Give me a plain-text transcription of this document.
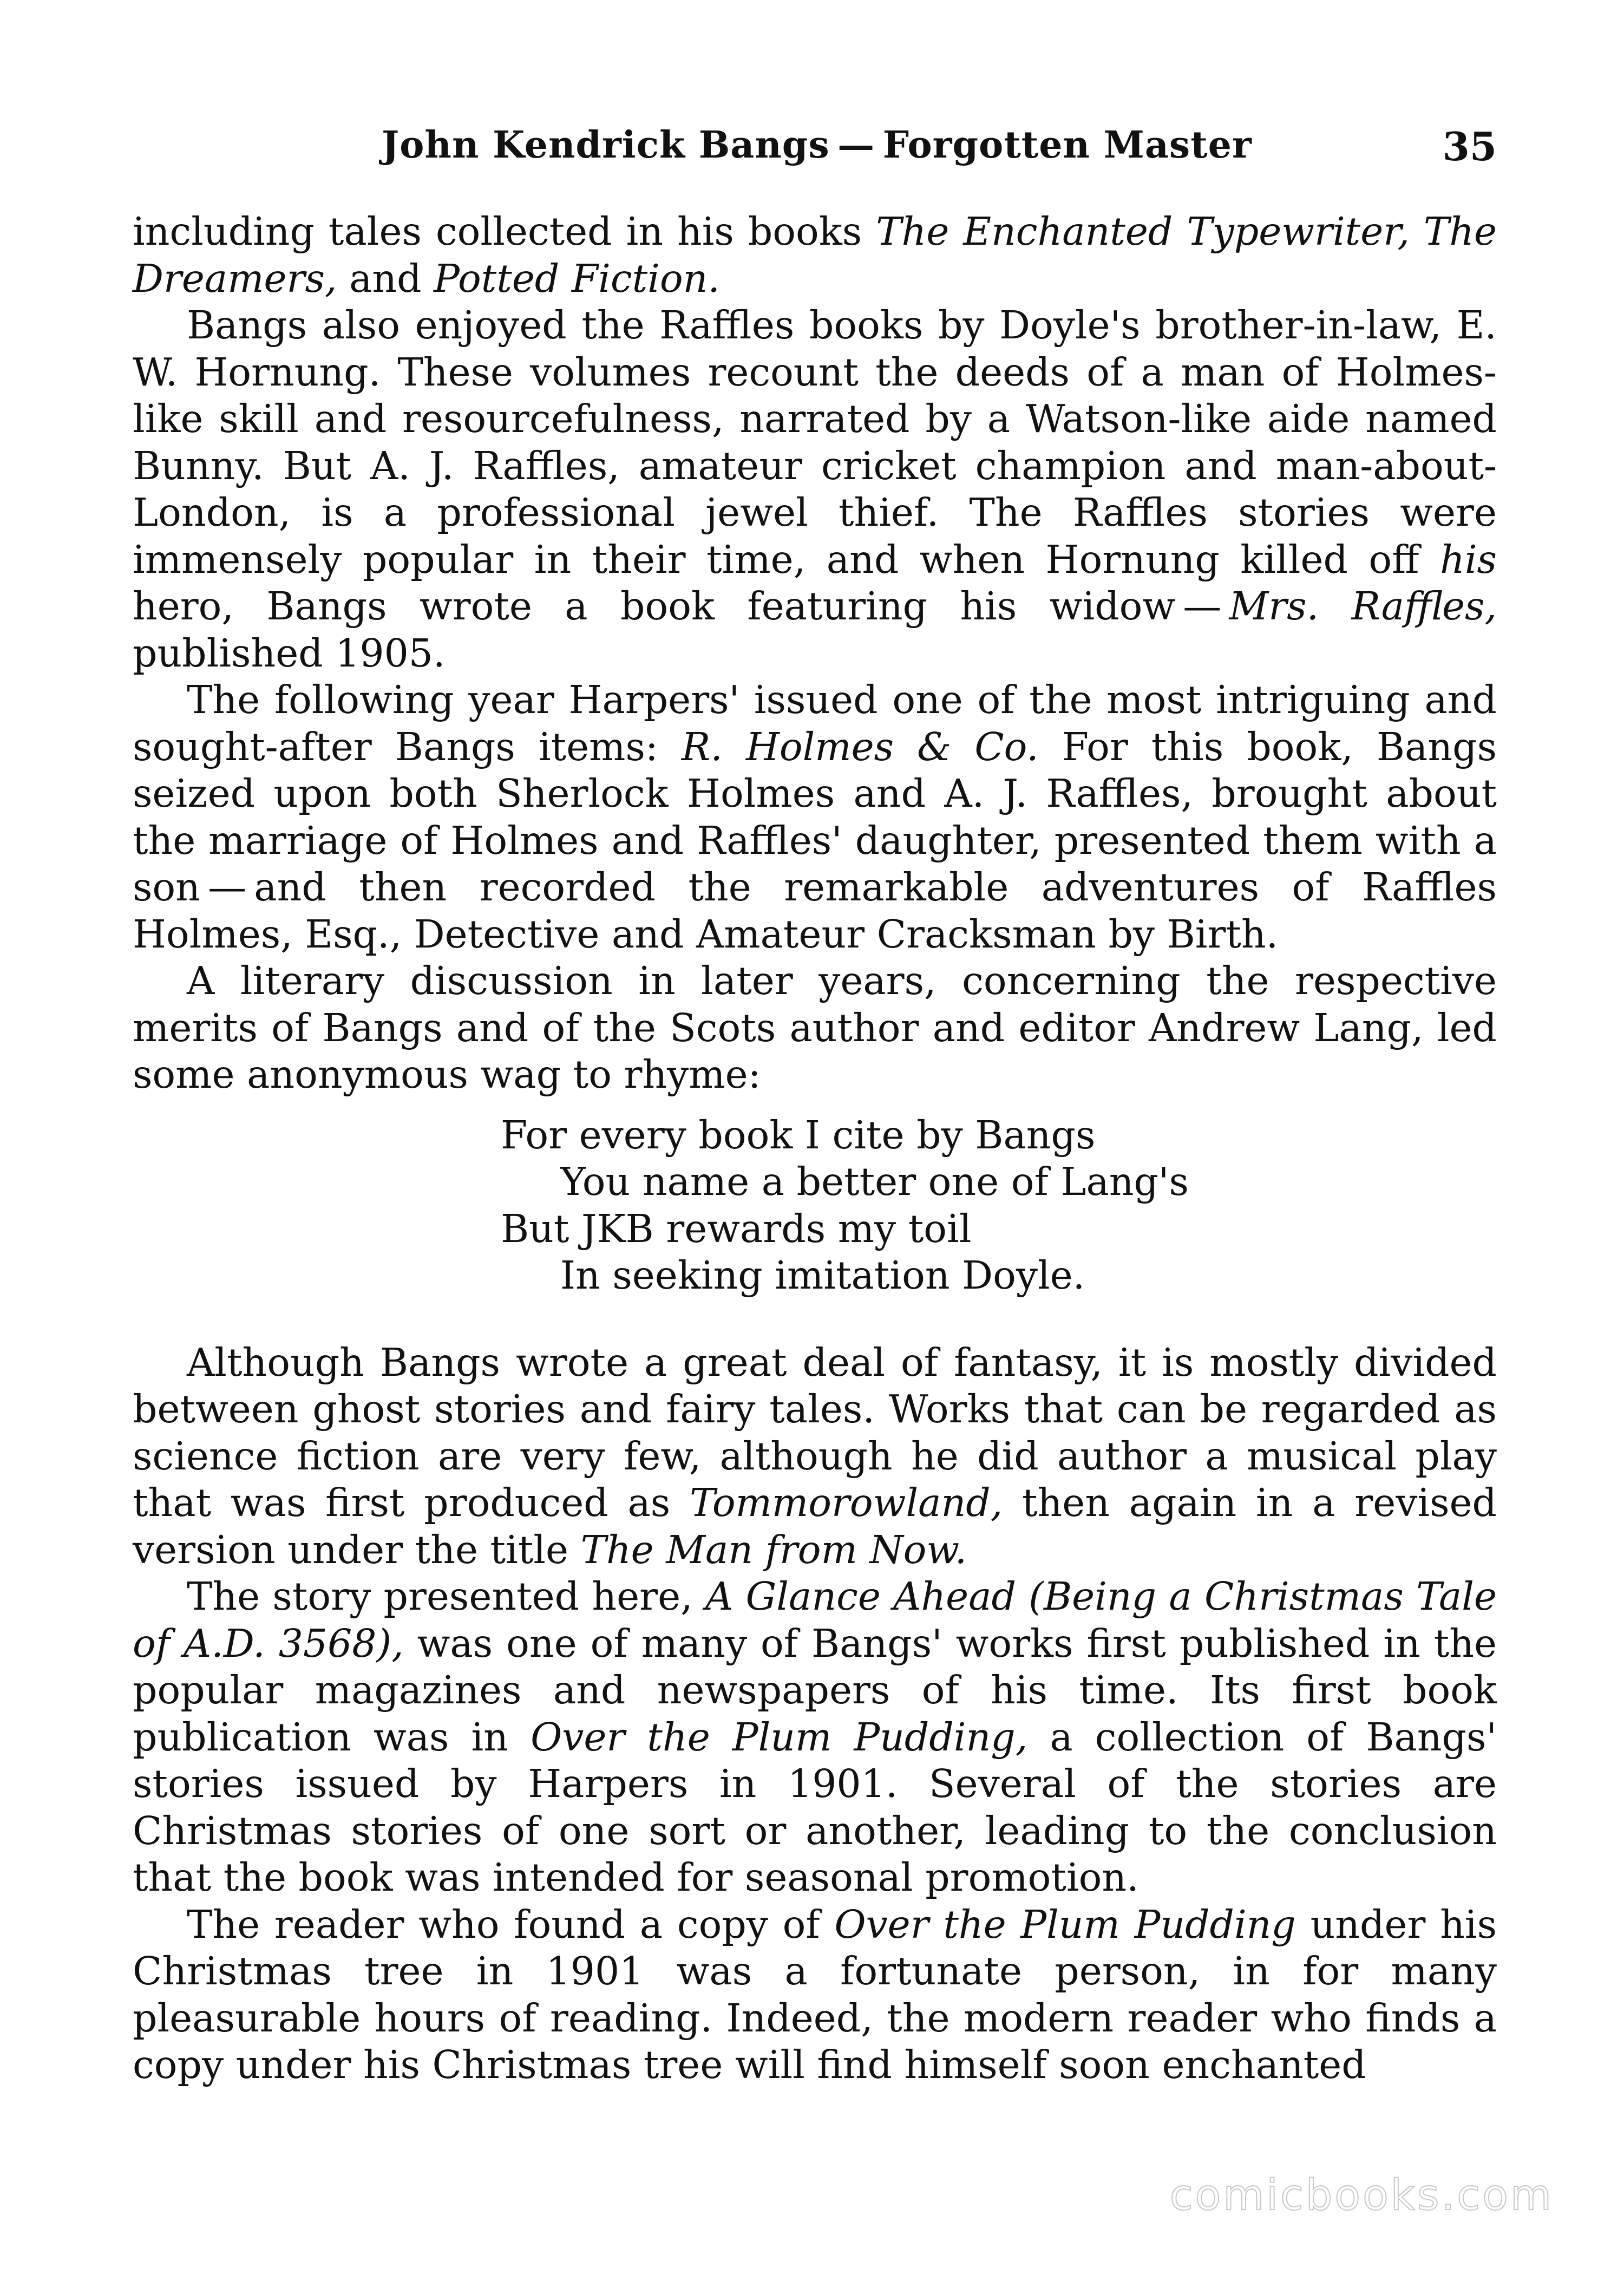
John Kendrick Bangs — Forgotten Master	35

including tales collected in his books The Enchanted Typewriter, The Dreamers, and Potted Fiction.

Bangs also enjoyed the Raffles books by Doyle's brother-in-law, E. W. Hornung. These volumes recount the deeds of a man of Holmes-like skill and resourcefulness, narrated by a Watson-like aide named Bunny. But A. J. Raffles, amateur cricket champion and man-about-London, is a professional jewel thief. The Raffles stories were immensely popular in their time, and when Hornung killed off his hero, Bangs wrote a book featuring his widow — Mrs. Raffles, published 1905.

The following year Harpers' issued one of the most intriguing and sought-after Bangs items: R. Holmes & Co. For this book, Bangs seized upon both Sherlock Holmes and A. J. Raffles, brought about the marriage of Holmes and Raffles' daughter, presented them with a son — and then recorded the remarkable adventures of Raffles Holmes, Esq., Detective and Amateur Cracksman by Birth.

A literary discussion in later years, concerning the respective merits of Bangs and of the Scots author and editor Andrew Lang, led some anonymous wag to rhyme:

For every book I cite by Bangs

You name a better one of Lang's

But JKB rewards my toil

In seeking imitation Doyle.

Although Bangs wrote a great deal of fantasy, it is mostly divided between ghost stories and fairy tales. Works that can be regarded as science fiction are very few, although he did author a musical play that was first produced as Tommorowland, then again in a revised version under the title The Man from Now.

The story presented here, A Glance Ahead (Being a Christmas Tale of A.D. 3568), was one of many of Bangs' works first published in the popular magazines and newspapers of his time. Its first book publication was in Over the Plum Pudding, a collection of Bangs' stories issued by Harpers in 1901. Several of the stories are Christmas stories of one sort or another, leading to the conclusion that the book was intended for seasonal promotion.

The reader who found a copy of Over the Plum Pudding under his Christmas tree in 1901 was a fortunate person, in for many pleasurable hours of reading. Indeed, the modern reader who finds a copy under his Christmas tree will find himself soon enchanted

comicbooks.com
